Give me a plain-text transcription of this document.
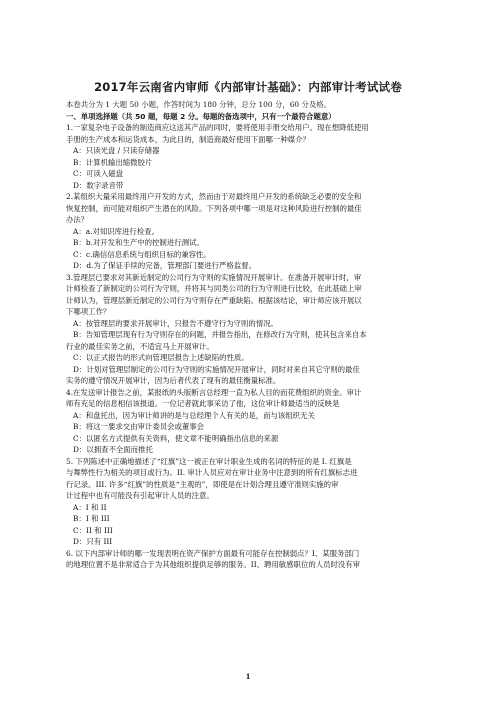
2017年云南省内审师《内部审计基础》：内部审计考试试卷
本卷共分为 1 大题 50 小题，作答时间为 180 分钟，总分 100 分，60 分及格。
一、单项选择题（共 50 题，每题 2 分。每题的备选项中，只有一个最符合题意）
1.一家复杂电子设备的制造商应这送其产品的同时，要将使用手册交给用户。现在想降低使用
手册的生产成本和运货成本，为此目的，制造商最好使用下面哪一种媒介？
A：只读光盘 / 只读存储器
B：计算机输出缩微胶片
C：可读入磁盘
D：数字录音带
2.某组织大量采用最终用户开发的方式，然而由于对最终用户开发的系统缺乏必要的安全和
恢复控制，而可能对组织产生潜在的风险。下列各项中哪一项是对这种风险进行控制的最佳
办法？
A：a.对知识库进行检查。
B：b.对开发和生产中的控制进行测试。
C：c.确信信息系统与组织目标的兼容性。
D：d.为了保证手续的完备，管理部门要进行严格监督。
3.管理层已要求对其新近制定的公司行为守则的实施情况开展审计。在准备开展审计时，审
计师检查了新制定的公司行为守则，并将其与同类公司的行为守则进行比较，在此基础上审
计师认为，管理层新近制定的公司行为守则存在严重缺陷。根据该结论，审计师应该开展以
下哪项工作？
A：按管理层的要求开展审计，只报告不遵守行为守则的情况。
B：告知管理层现有行为守则存在的问题，并报告指出，在修改行为守则，使其包含来自本
行业的最佳实务之前，不适宜马上开展审计。
C：以正式报告的形式向管理层报告上述缺陷的性质。
D：计划对管理层制定的公司行为守则的实施情况开展审计，同时对来自其它守则的最佳
实务的遵守情况开展审计，因为后者代表了现有的最佳衡量标准。
4.在发送审计报告之前，某报纸的头版断言总经理一直为私人目的而花费组织的资金。审计
师有充足的信息相信该报道。一位记者就此事采访了他，这位审计师最适当的反映是
A：和盘托出，因为审计师讲的是与总经理个人有关的是，而与该组织无关
B：将这一要求交由审计委员会或董事会
C：以匿名方式提供有关资料，使文章不能明确指出信息的来源
D：以拥查不全面而推托
5. 下列陈述中正确地描述了“红旗”这一被正在审计职业生成的名词的特征的是 I. 红旗是
与舞弊性行为相关的项目或行为。II. 审计人员应对在审计业务中注意到的所有红旗标志进
行记录。III. 许多“红旗”的性质是“主观的”，即使是在计划合理且遵守准则实施的审
计过程中也有可能没有引起审计人员的注意。
A：I 和 II
B：I 和 III
C：II 和 III
D：只有 III
6. 以下内部审计师的哪一发现表明在资产保护方面最有可能存在控制弱点？I、某服务部门
的地理位置不是非常适合于为其他组织提供足够的服务。II、聘用敏感职位的人员时没有审
1
